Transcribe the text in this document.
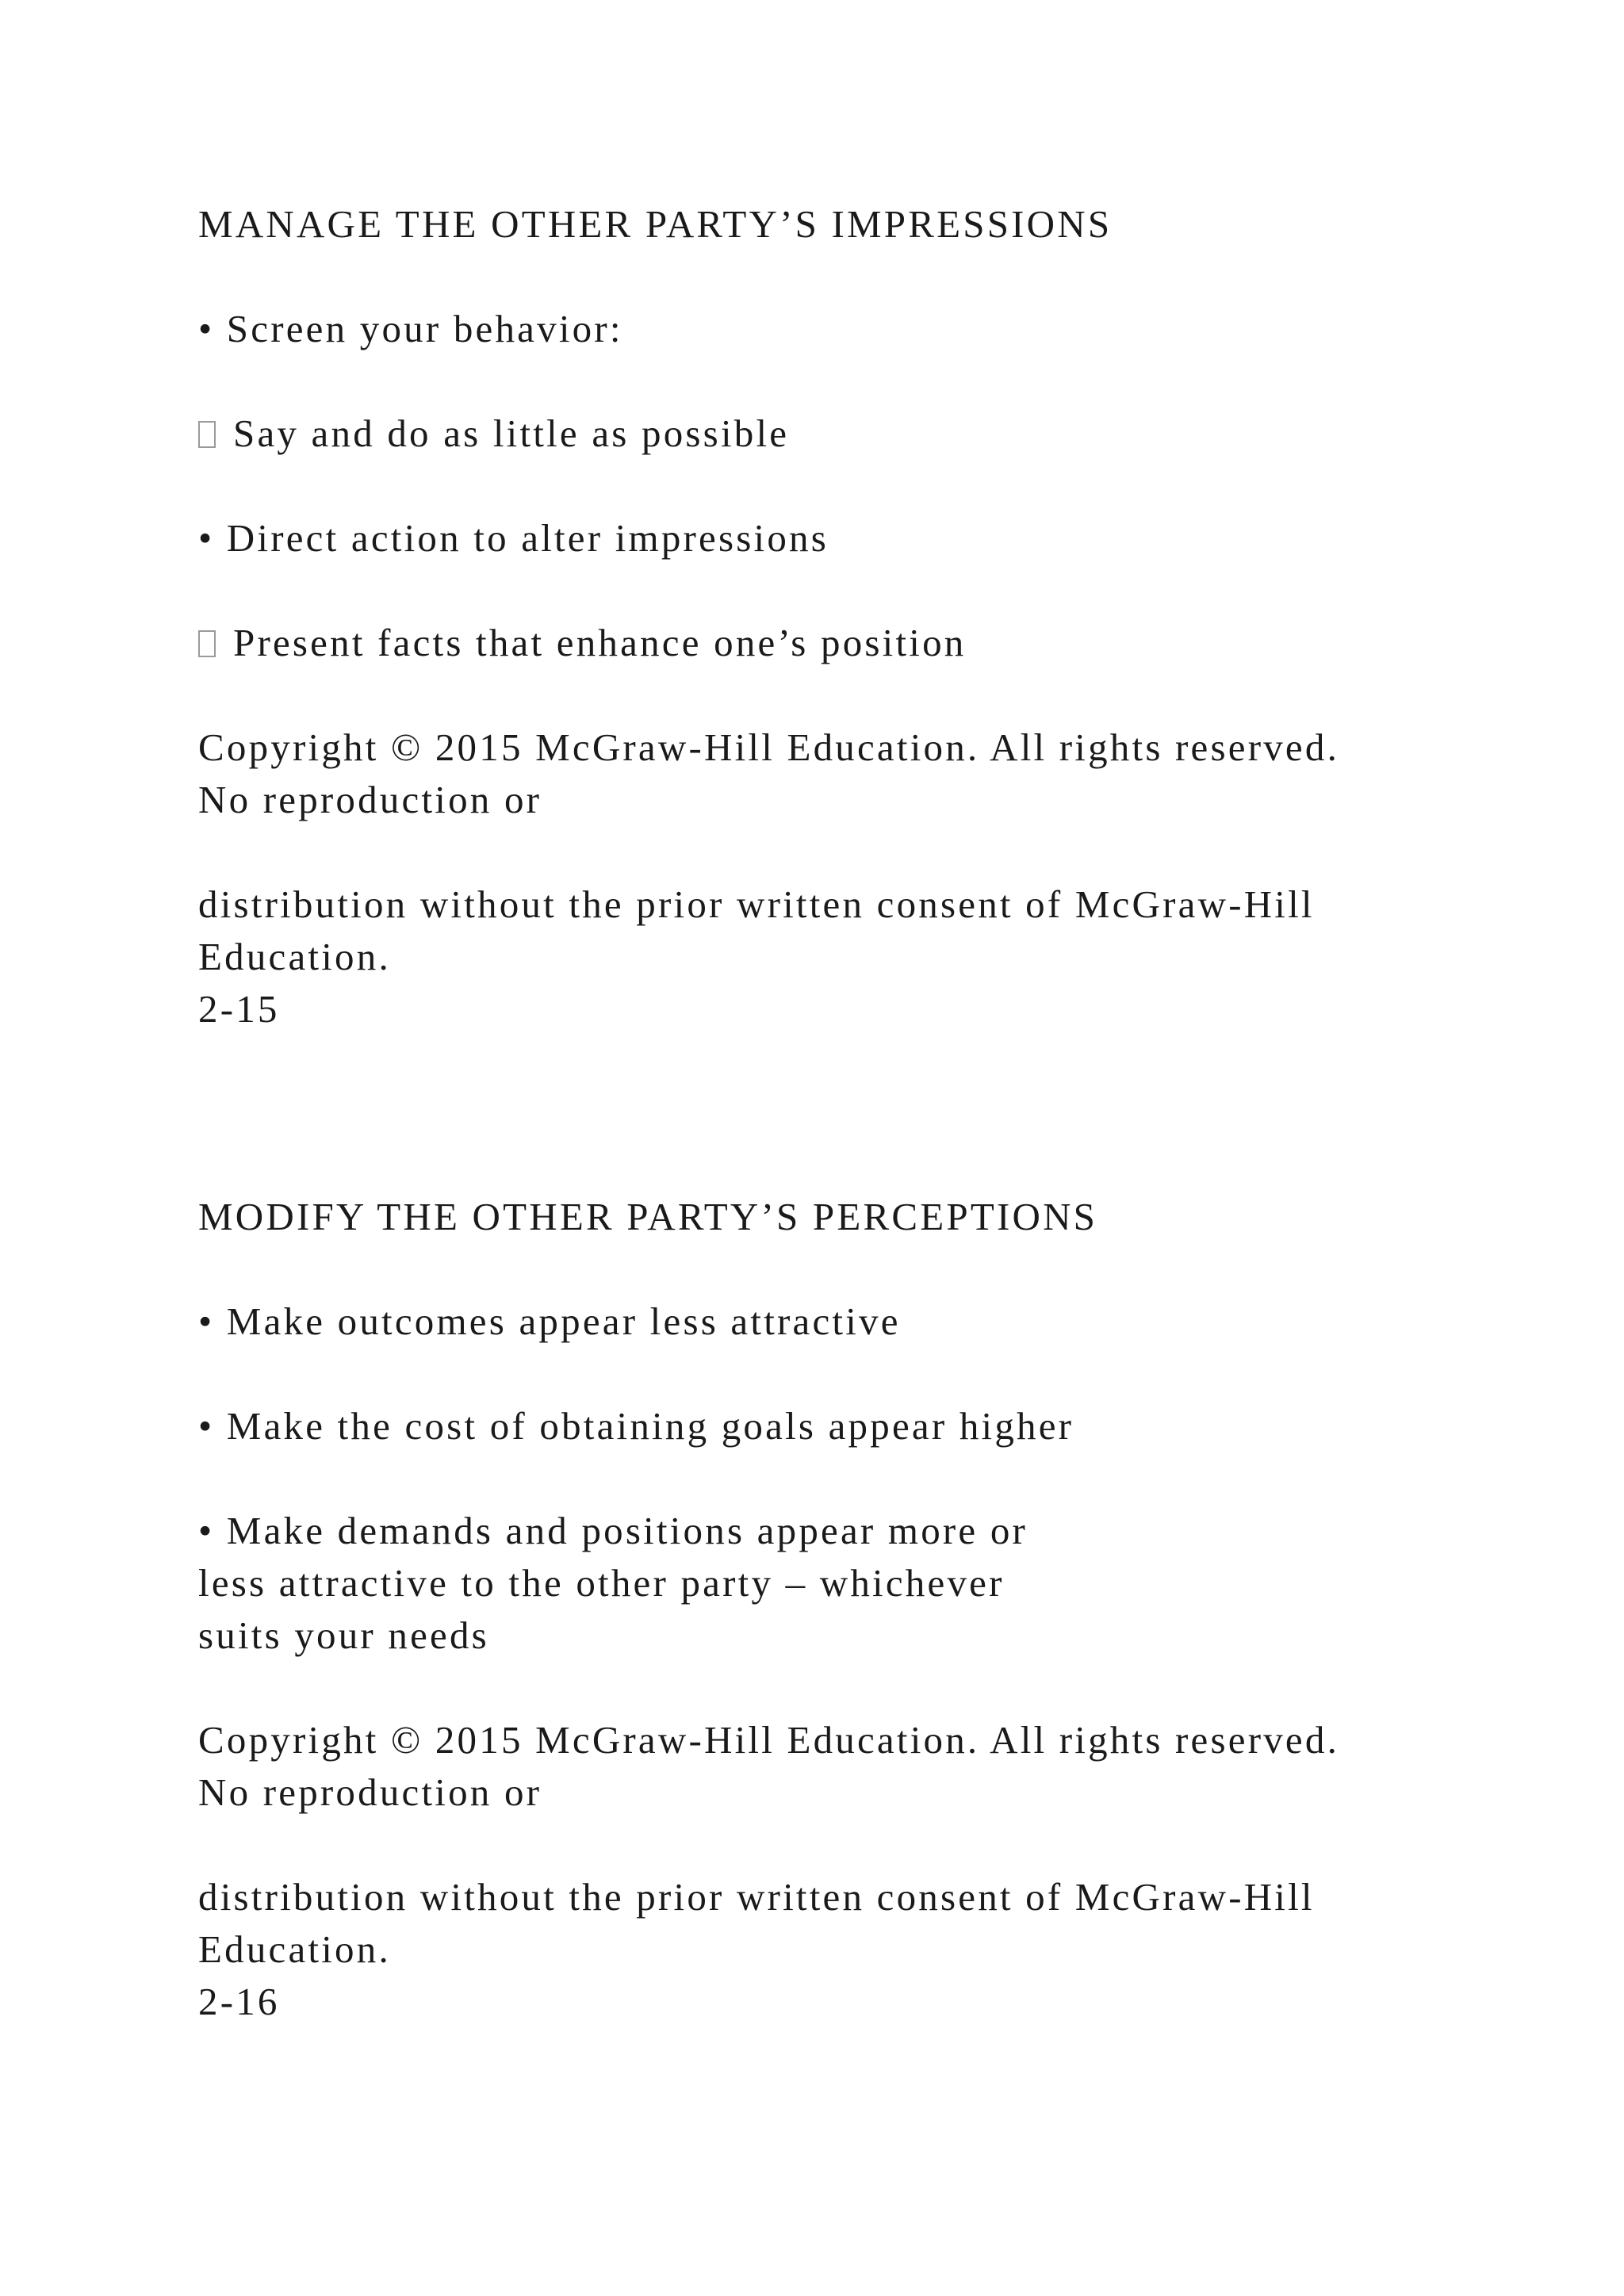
MANAGE THE OTHER PARTY’S IMPRESSIONS

• Screen your behavior:

Say and do as little as possible

• Direct action to alter impressions

Present facts that enhance one’s position

Copyright © 2015 McGraw-Hill Education. All rights reserved.

No reproduction or

distribution without the prior written consent of McGraw-Hill

Education.

2-15

MODIFY THE OTHER PARTY’S PERCEPTIONS

• Make outcomes appear less attractive

• Make the cost of obtaining goals appear higher

• Make demands and positions appear more or

less attractive to the other party – whichever

suits your needs

Copyright © 2015 McGraw-Hill Education. All rights reserved.

No reproduction or

distribution without the prior written consent of McGraw-Hill

Education.

2-16
